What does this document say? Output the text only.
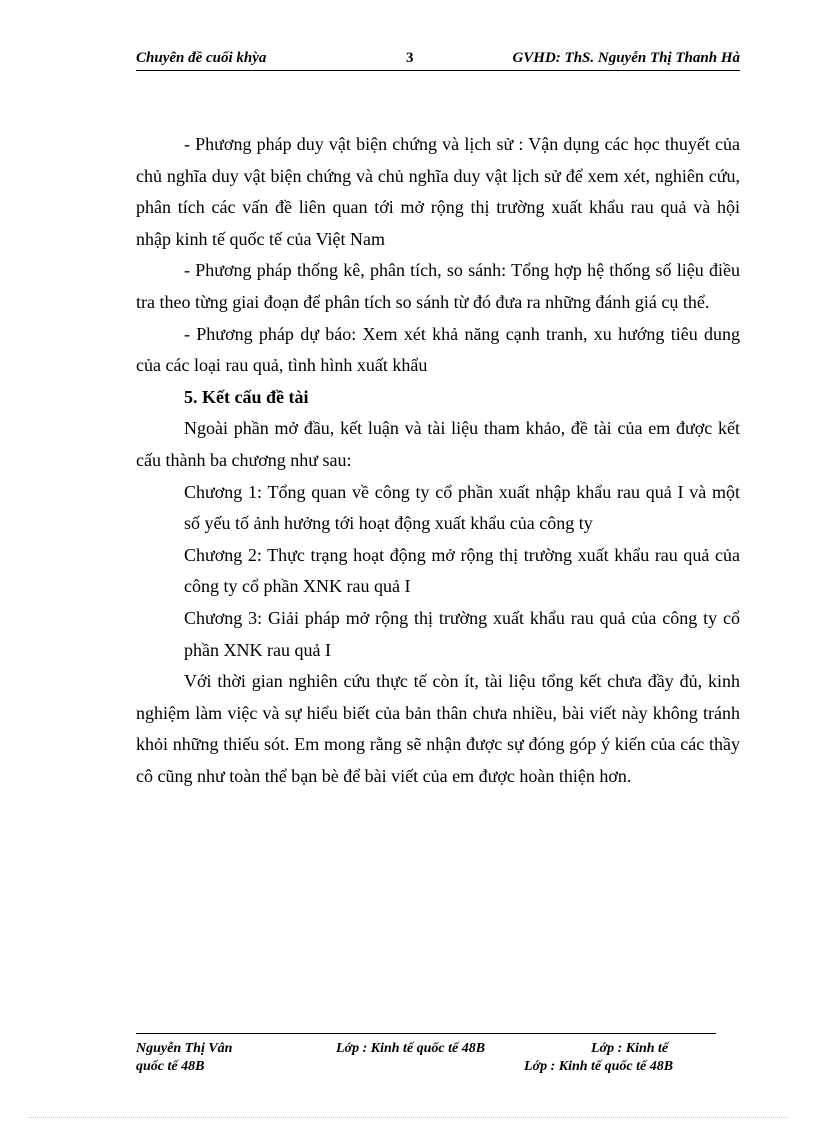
Chuyên đề cuối khỳa	3	GVHD: ThS. Nguyễn Thị Thanh Hà

- Phương pháp duy vật biện chứng và lịch sử : Vận dụng các học thuyết của chủ nghĩa duy vật biện chứng và chủ nghĩa duy vật lịch sử để xem xét, nghiên cứu, phân tích các vấn đề liên quan tới mở rộng thị trường xuất khẩu rau quả và hội nhập kinh tế quốc tế của Việt Nam

- Phương pháp thống kê, phân tích, so sánh: Tổng hợp hệ thống số liệu điều tra theo từng giai đoạn để phân tích so sánh từ đó đưa ra những đánh giá cụ thể.

- Phương pháp dự báo: Xem xét khả năng cạnh tranh, xu hướng tiêu dung của các loại rau quả, tình hình xuất khẩu

5. Kết cấu đề tài

Ngoài phần mở đầu, kết luận và tài liệu tham khảo, đề tài của em được kết cấu thành ba chương như sau:

Chương 1: Tổng quan về công ty cổ phần xuất nhập khẩu rau quả I và một số yếu tố ảnh hưởng tới hoạt động xuất khẩu của công ty

Chương 2: Thực trạng hoạt động mở rộng thị trường xuất khẩu rau quả của công ty cổ phần XNK rau quả I

Chương 3: Giải pháp mở rộng thị trường xuất khẩu rau quả của công ty cổ phần XNK rau quả I

Với thời gian nghiên cứu thực tế còn ít, tài liệu tổng kết chưa đầy đủ, kinh nghiệm làm việc và sự hiểu biết của bản thân chưa nhiều, bài viết này không tránh khỏi những thiếu sót. Em mong rằng sẽ nhận được sự đóng góp ý kiến của các thầy cô cũng như toàn thể bạn bè để bài viết của em được hoàn thiện hơn.

Nguyễn Thị Vân	Lớp : Kinh tế quốc tế 48B	Lớp : Kinh tế
quốc tế 48B	Lớp : Kinh tế quốc tế 48B
